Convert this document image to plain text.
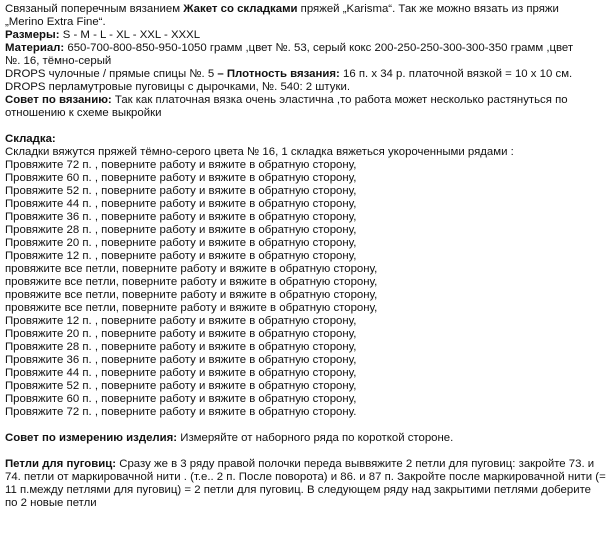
Связаный поперечным вязанием Жакет со складками пряжей „Karisma“. Так же можно вязать из пряжи
„Merino Extra Fine“.
Размеры: S - M - L - XL - XXL - XXXL
Материал: 650-700-800-850-950-1050 грамм ,цвет №. 53, серый кокс 200-250-250-300-300-350 грамм ,цвет
№. 16, тёмно-серый
DROPS чулочные / прямые спицы №. 5 – Плотность вязания: 16 п. х 34 р. платочной вязкой = 10 х 10 см.
DROPS перламутровые пуговицы с дырочками, №. 540: 2 штуки.
Совет по вязанию: Так как платочная вязка очень эластична ,то работа может несколько растянуться по
отношению к схеме выкройки
Складка:
Складки вяжутся пряжей тёмно-серого цвета № 16, 1 складка вяжеться укороченными рядами :
Провяжите 72 п. , поверните работу и вяжите в обратную сторону,
Провяжите 60 п. , поверните работу и вяжите в обратную сторону,
Провяжите 52 п. , поверните работу и вяжите в обратную сторону,
Провяжите 44 п. , поверните работу и вяжите в обратную сторону,
Провяжите 36 п. , поверните работу и вяжите в обратную сторону,
Провяжите 28 п. , поверните работу и вяжите в обратную сторону,
Провяжите 20 п. , поверните работу и вяжите в обратную сторону,
Провяжите 12 п. , поверните работу и вяжите в обратную сторону,
провяжите все петли, поверните работу и вяжите в обратную сторону,
провяжите все петли, поверните работу и вяжите в обратную сторону,
провяжите все петли, поверните работу и вяжите в обратную сторону,
провяжите все петли, поверните работу и вяжите в обратную сторону,
Провяжите 12 п. , поверните работу и вяжите в обратную сторону,
Провяжите 20 п. , поверните работу и вяжите в обратную сторону,
Провяжите 28 п. , поверните работу и вяжите в обратную сторону,
Провяжите 36 п. , поверните работу и вяжите в обратную сторону,
Провяжите 44 п. , поверните работу и вяжите в обратную сторону,
Провяжите 52 п. , поверните работу и вяжите в обратную сторону,
Провяжите 60 п. , поверните работу и вяжите в обратную сторону,
Провяжите 72 п. , поверните работу и вяжите в обратную сторону.
Совет по измерению изделия: Измеряйте от наборного ряда по короткой стороне.
Петли для пуговиц: Сразу же в 3 ряду правой полочки переда выввяжите 2 петли для пуговиц: закройте 73. и 74. петли от маркировачной нити . (т.е.. 2 п. После поворота) и 86. и 87 п. Закройте после маркировачной нити (= 11 п.между петлями для пуговиц) = 2 петли для пуговиц. В следующем ряду над закрытими петлями доберите по 2 новые петли
